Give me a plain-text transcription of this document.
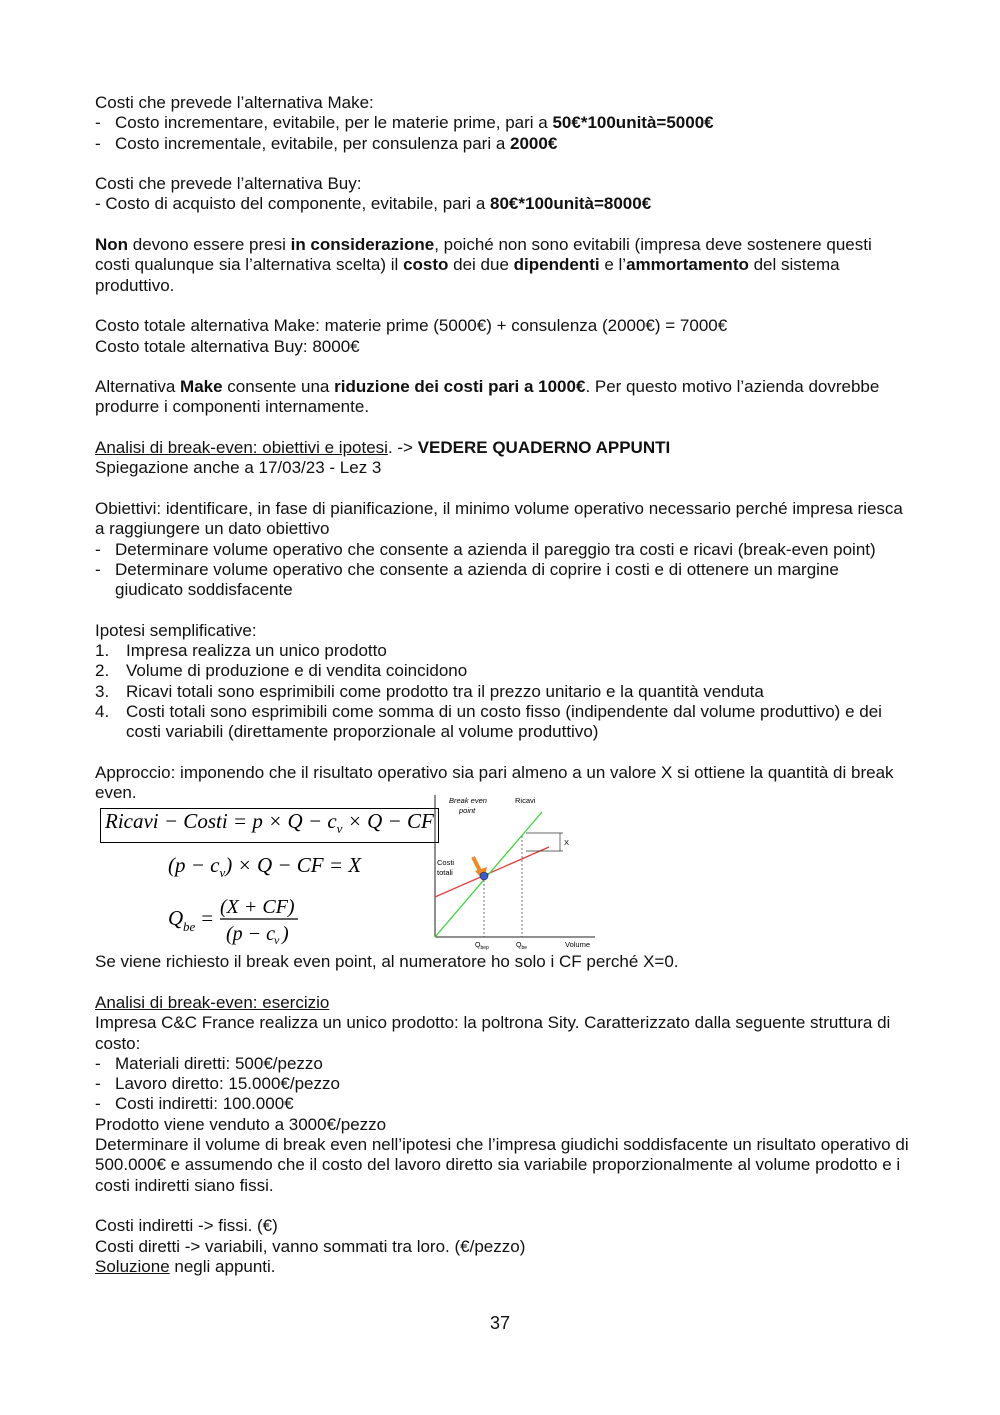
Costi che prevede l’alternativa Make:

- Costo incrementare, evitabile, per le materie prime, pari a 50€*100unità=5000€
- Costo incrementale, evitabile, per consulenza pari a 2000€

Costi che prevede l’alternativa Buy:

- Costo di acquisto del componente, evitabile, pari a 80€*100unità=8000€

Non devono essere presi in considerazione, poiché non sono evitabili (impresa deve sostenere questi costi qualunque sia l’alternativa scelta) il costo dei due dipendenti e l’ammortamento del sistema produttivo.

Costo totale alternativa Make: materie prime (5000€) + consulenza (2000€) = 7000€

Costo totale alternativa Buy: 8000€

Alternativa Make consente una riduzione dei costi pari a 1000€. Per questo motivo l’azienda dovrebbe produrre i componenti internamente.

Analisi di break-even: obiettivi e ipotesi. -> VEDERE QUADERNO APPUNTI

Spiegazione anche a 17/03/23 - Lez 3

Obiettivi: identificare, in fase di pianificazione, il minimo volume operativo necessario perché impresa riesca a raggiungere un dato obiettivo

- Determinare volume operativo che consente a azienda il pareggio tra costi e ricavi (break-even point)
- Determinare volume operativo che consente a azienda di coprire i costi e di ottenere un margine giudicato soddisfacente

Ipotesi semplificative:

1. Impresa realizza un unico prodotto
2. Volume di produzione e di vendita coincidono
3. Ricavi totali sono esprimibili come prodotto tra il prezzo unitario e la quantità venduta
4. Costi totali sono esprimibili come somma di un costo fisso (indipendente dal volume produttivo) e dei costi variabili (direttamente proporzionale al volume produttivo)

Approccio: imponendo che il risultato operativo sia pari almeno a un valore X si ottiene la quantità di break even.

Ricavi − Costi = $p \times Q - c_v \times Q$ − CF
$(p - c_v) \times Q$ − CF = X
Q be = (X + CF)
(p − c
v )
Break even
point
Ricavi
Costi
totali
X
$Q_{bep}$	$Q_{be}$	Volume

Se viene richiesto il break even point, al numeratore ho solo i CF perché X=0.

Analisi di break-even: esercizio

Impresa C&C France realizza un unico prodotto: la poltrona Sity. Caratterizzato dalla seguente struttura di costo:

- Materiali diretti: 500€/pezzo
- Lavoro diretto: 15.000€/pezzo
- Costi indiretti: 100.000€

Prodotto viene venduto a 3000€/pezzo

Determinare il volume di break even nell’ipotesi che l’impresa giudichi soddisfacente un risultato operativo di 500.000€ e assumendo che il costo del lavoro diretto sia variabile proporzionalmente al volume prodotto e i costi indiretti siano fissi.

Costi indiretti -> fissi. (€)

Costi diretti -> variabili, vanno sommati tra loro. (€/pezzo)

Soluzione negli appunti.

37
